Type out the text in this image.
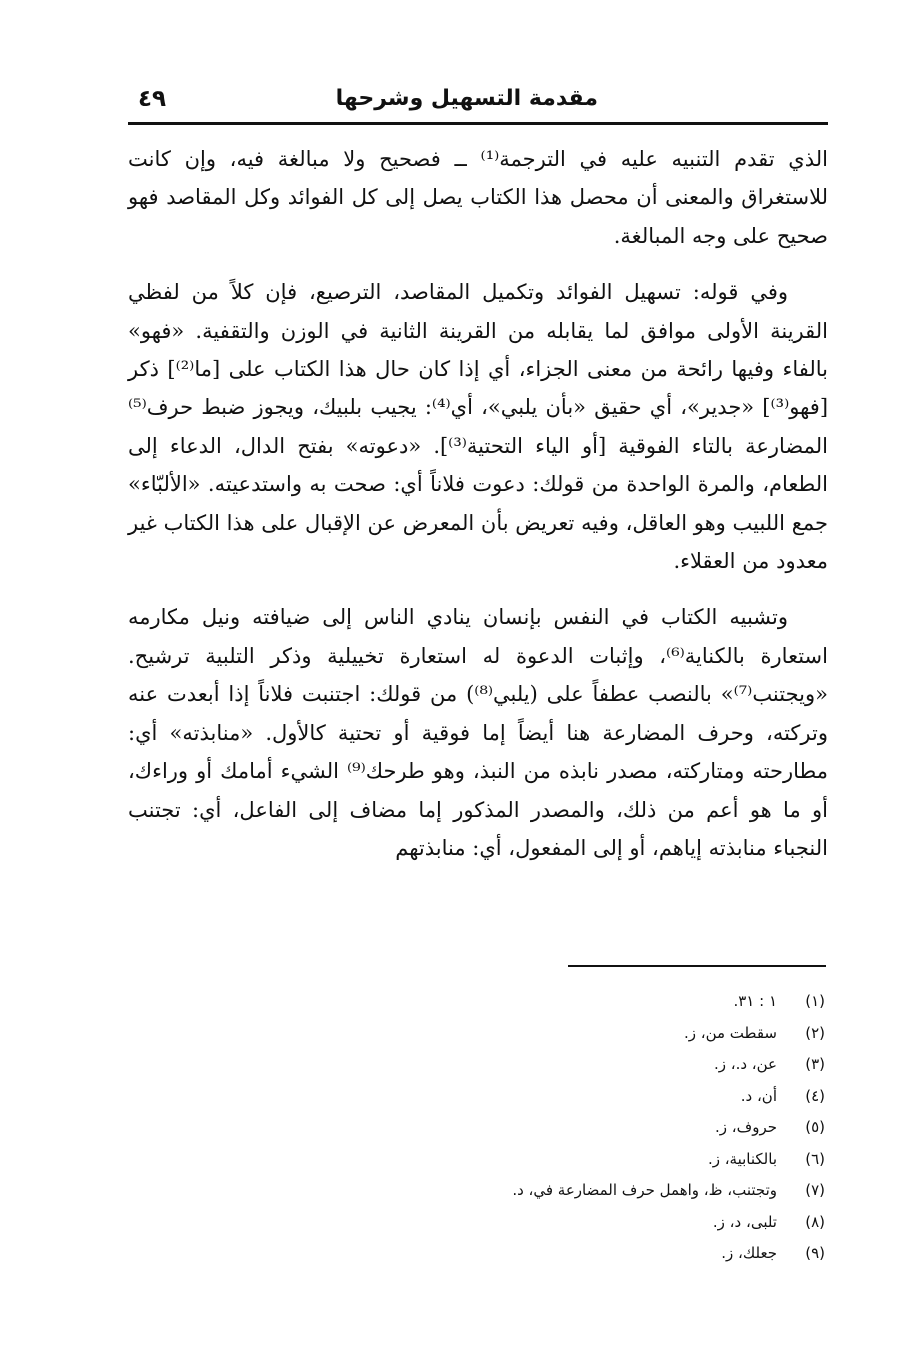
مقدمة التسهيل وشرحها
٤٩

الذي تقدم التنبيه عليه في الترجمة⁽¹⁾ ــ فصحيح ولا مبالغة فيه، وإن كانت للاستغراق والمعنى أن محصل هذا الكتاب يصل إلى كل الفوائد وكل المقاصد فهو صحيح على وجه المبالغة.

وفي قوله: تسهيل الفوائد وتكميل المقاصد، الترصيع، فإن كلاً من لفظي القرينة الأولى موافق لما يقابله من القرينة الثانية في الوزن والتقفية. «فهو» بالفاء وفيها رائحة من معنى الجزاء، أي إذا كان حال هذا الكتاب على [ما⁽²⁾] ذكر [فهو⁽³⁾] «جدير»، أي حقيق «بأن يلبي»، أي⁽⁴⁾: يجيب بلبيك، ويجوز ضبط حرف⁽⁵⁾ المضارعة بالتاء الفوقية [أو الياء التحتية⁽³⁾]. «دعوته» بفتح الدال، الدعاء إلى الطعام، والمرة الواحدة من قولك: دعوت فلاناً أي: صحت به واستدعيته. «الألبّاء» جمع اللبيب وهو العاقل، وفيه تعريض بأن المعرض عن الإقبال على هذا الكتاب غير معدود من العقلاء.

وتشبيه الكتاب في النفس بإنسان ينادي الناس إلى ضيافته ونيل مكارمه استعارة بالكناية⁽⁶⁾، وإثبات الدعوة له استعارة تخييلية وذكر التلبية ترشيح. «ويجتنب⁽⁷⁾» بالنصب عطفاً على (يلبي⁽⁸⁾) من قولك: اجتنبت فلاناً إذا أبعدت عنه وتركته، وحرف المضارعة هنا أيضاً إما فوقية أو تحتية كالأول. «منابذته» أي: مطارحته ومتاركته، مصدر نابذه من النبذ، وهو طرحك⁽⁹⁾ الشيء أمامك أو وراءك، أو ما هو أعم من ذلك، والمصدر المذكور إما مضاف إلى الفاعل، أي: تجتنب النجباء منابذته إياهم، أو إلى المفعول، أي: منابذتهم

(١)
١ : ٣١.
(٢)
سقطت من، ز.
(٣)
عن، د.، ز.
(٤)
أن، د.
(٥)
حروف، ز.
(٦)
بالكنابية، ز.
(٧)
وتجتنب، ظ، واهمل حرف المضارعة في، د.
(٨)
تلبى، د، ز.
(٩)
جعلك، ز.
